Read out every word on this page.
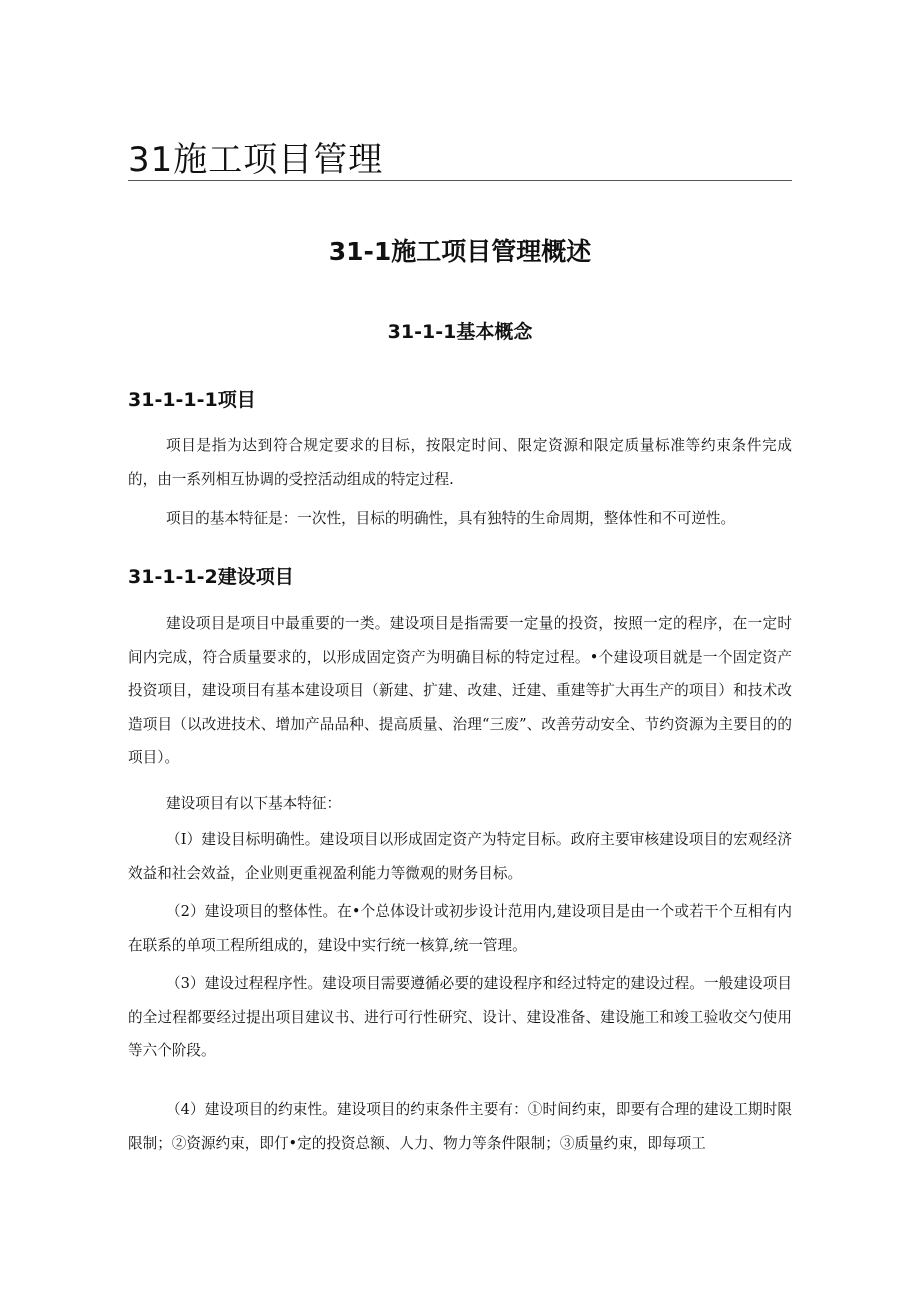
31施工项目管理
31-1施工项目管理概述
31-1-1基本概念
31-1-1-1项目

项目是指为达到符合规定要求的目标，按限定时间、限定资源和限定质量标准等约束条件完成的，由一系列相互协调的受控活动组成的特定过程.

项目的基本特征是：一次性，目标的明确性，具有独特的生命周期，整体性和不可逆性。

31-1-1-2建设项目

建设项目是项目中最重要的一类。建设项目是指需要一定量的投资，按照一定的程序，在一定时间内完成，符合质量要求的，以形成固定资产为明确目标的特定过程。•个建设项目就是一个固定资产投资项目，建设项目有基本建设项目（新建、扩建、改建、迁建、重建等扩大再生产的项目）和技术改造项目（以改进技术、增加产品品种、提高质量、治理“三废”、改善劳动安全、节约资源为主要目的的项目）。

建设项目有以下基本特征：

（I）建设目标明确性。建设项目以形成固定资产为特定目标。政府主要审核建设项目的宏观经济效益和社会效益，企业则更重视盈利能力等微观的财务目标。

（2）建设项目的整体性。在•个总体设计或初步设计范用内,建设项目是由一个或若干个互相有内在联系的单项工程所组成的，建设中实行统一核算,统一管理。

（3）建设过程程序性。建设项目需要遵循必要的建设程序和经过特定的建设过程。一般建设项目的全过程都要经过提出项目建议书、进行可行性研究、设计、建设准备、建设施工和竣工验收交勺使用等六个阶段。

（4）建设项目的约束性。建设项目的约束条件主要有：①时间约束，即要有合理的建设工期时限限制；②资源约束，即仃•定的投资总额、人力、物力等条件限制；③质量约束，即每项工
